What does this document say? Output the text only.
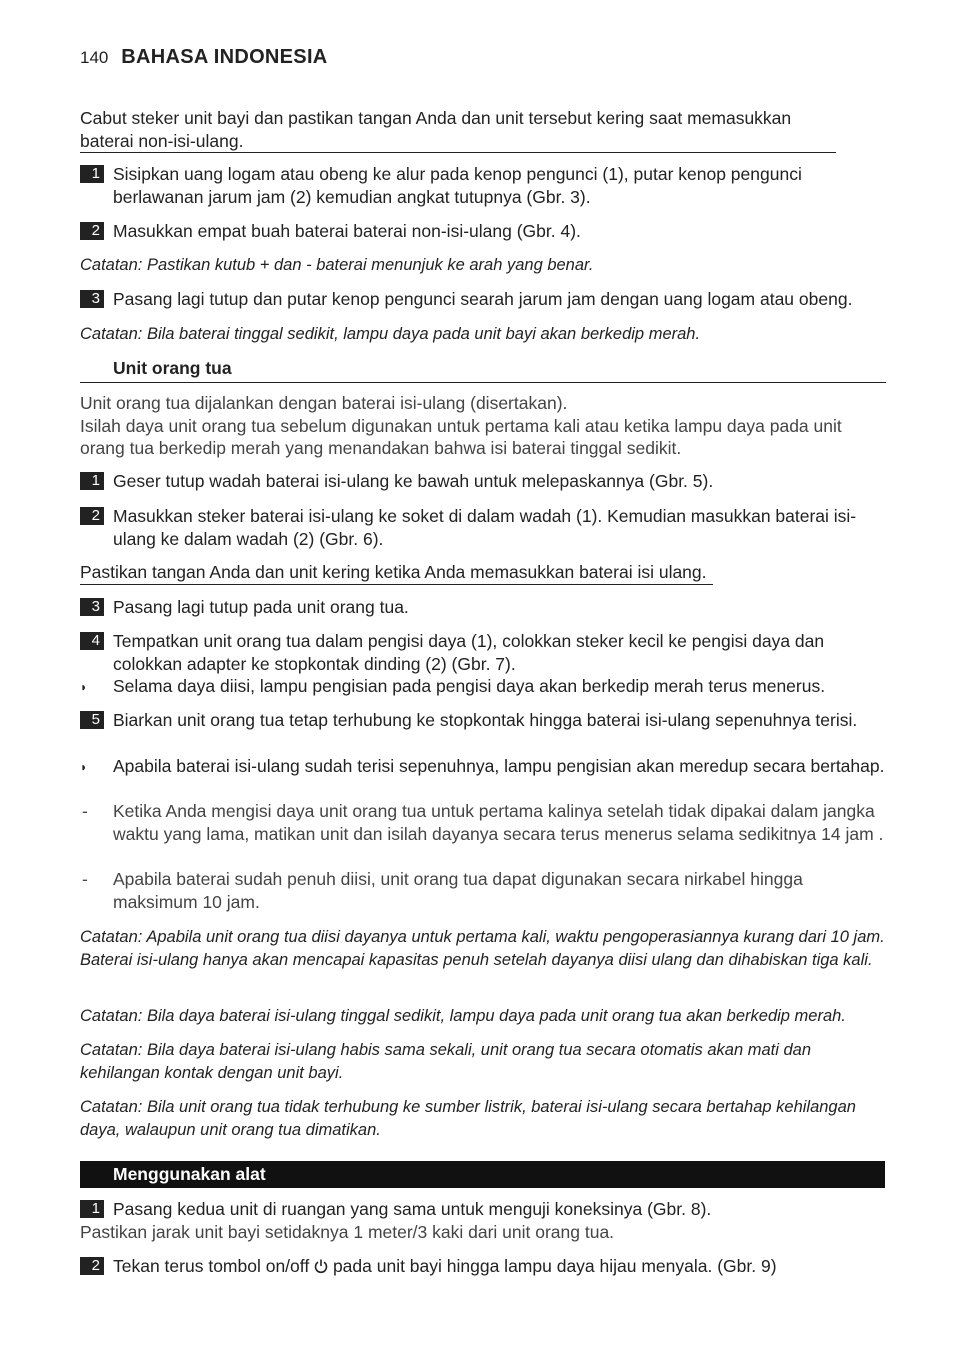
140 BAHASA INDONESIA
Cabut steker unit bayi dan pastikan tangan Anda dan unit tersebut kering saat memasukkan baterai non-isi-ulang.
1 Sisipkan uang logam atau obeng ke alur pada kenop pengunci (1), putar kenop pengunci berlawanan jarum jam (2) kemudian angkat tutupnya (Gbr. 3).
2 Masukkan empat buah baterai baterai non-isi-ulang (Gbr. 4).
Catatan: Pastikan kutub + dan - baterai menunjuk ke arah yang benar.
3 Pasang lagi tutup dan putar kenop pengunci searah jarum jam dengan uang logam atau obeng.
Catatan: Bila baterai tinggal sedikit, lampu daya pada unit bayi akan berkedip merah.
Unit orang tua
Unit orang tua dijalankan dengan baterai isi-ulang (disertakan).
Isilah daya unit orang tua sebelum digunakan untuk pertama kali atau ketika lampu daya pada unit orang tua berkedip merah yang menandakan bahwa isi baterai tinggal sedikit.
1 Geser tutup wadah baterai isi-ulang ke bawah untuk melepaskannya (Gbr. 5).
2 Masukkan steker baterai isi-ulang ke soket di dalam wadah (1). Kemudian masukkan baterai isi-ulang ke dalam wadah (2) (Gbr. 6).
Pastikan tangan Anda dan unit kering ketika Anda memasukkan baterai isi ulang.
3 Pasang lagi tutup pada unit orang tua.
4 Tempatkan unit orang tua dalam pengisi daya (1), colokkan steker kecil ke pengisi daya dan colokkan adapter ke stopkontak dinding (2) (Gbr. 7).
◗ Selama daya diisi, lampu pengisian pada pengisi daya akan berkedip merah terus menerus.
5 Biarkan unit orang tua tetap terhubung ke stopkontak hingga baterai isi-ulang sepenuhnya terisi.
◗ Apabila baterai isi-ulang sudah terisi sepenuhnya, lampu pengisian akan meredup secara bertahap.
- Ketika Anda mengisi daya unit orang tua untuk pertama kalinya setelah tidak dipakai dalam jangka waktu yang lama, matikan unit dan isilah dayanya secara terus menerus selama sedikitnya 14 jam .
- Apabila baterai sudah penuh diisi, unit orang tua dapat digunakan secara nirkabel hingga maksimum 10 jam.
Catatan: Apabila unit orang tua diisi dayanya untuk pertama kali, waktu pengoperasiannya kurang dari 10 jam. Baterai isi-ulang hanya akan mencapai kapasitas penuh setelah dayanya diisi ulang dan dihabiskan tiga kali.
Catatan: Bila daya baterai isi-ulang tinggal sedikit, lampu daya pada unit orang tua akan berkedip merah.
Catatan: Bila daya baterai isi-ulang habis sama sekali, unit orang tua secara otomatis akan mati dan kehilangan kontak dengan unit bayi.
Catatan: Bila unit orang tua tidak terhubung ke sumber listrik, baterai isi-ulang secara bertahap kehilangan daya, walaupun unit orang tua dimatikan.
Menggunakan alat
1 Pasang kedua unit di ruangan yang sama untuk menguji koneksinya (Gbr. 8).
Pastikan jarak unit bayi setidaknya 1 meter/3 kaki dari unit orang tua.
2 Tekan terus tombol on/off pada unit bayi hingga lampu daya hijau menyala. (Gbr. 9)
